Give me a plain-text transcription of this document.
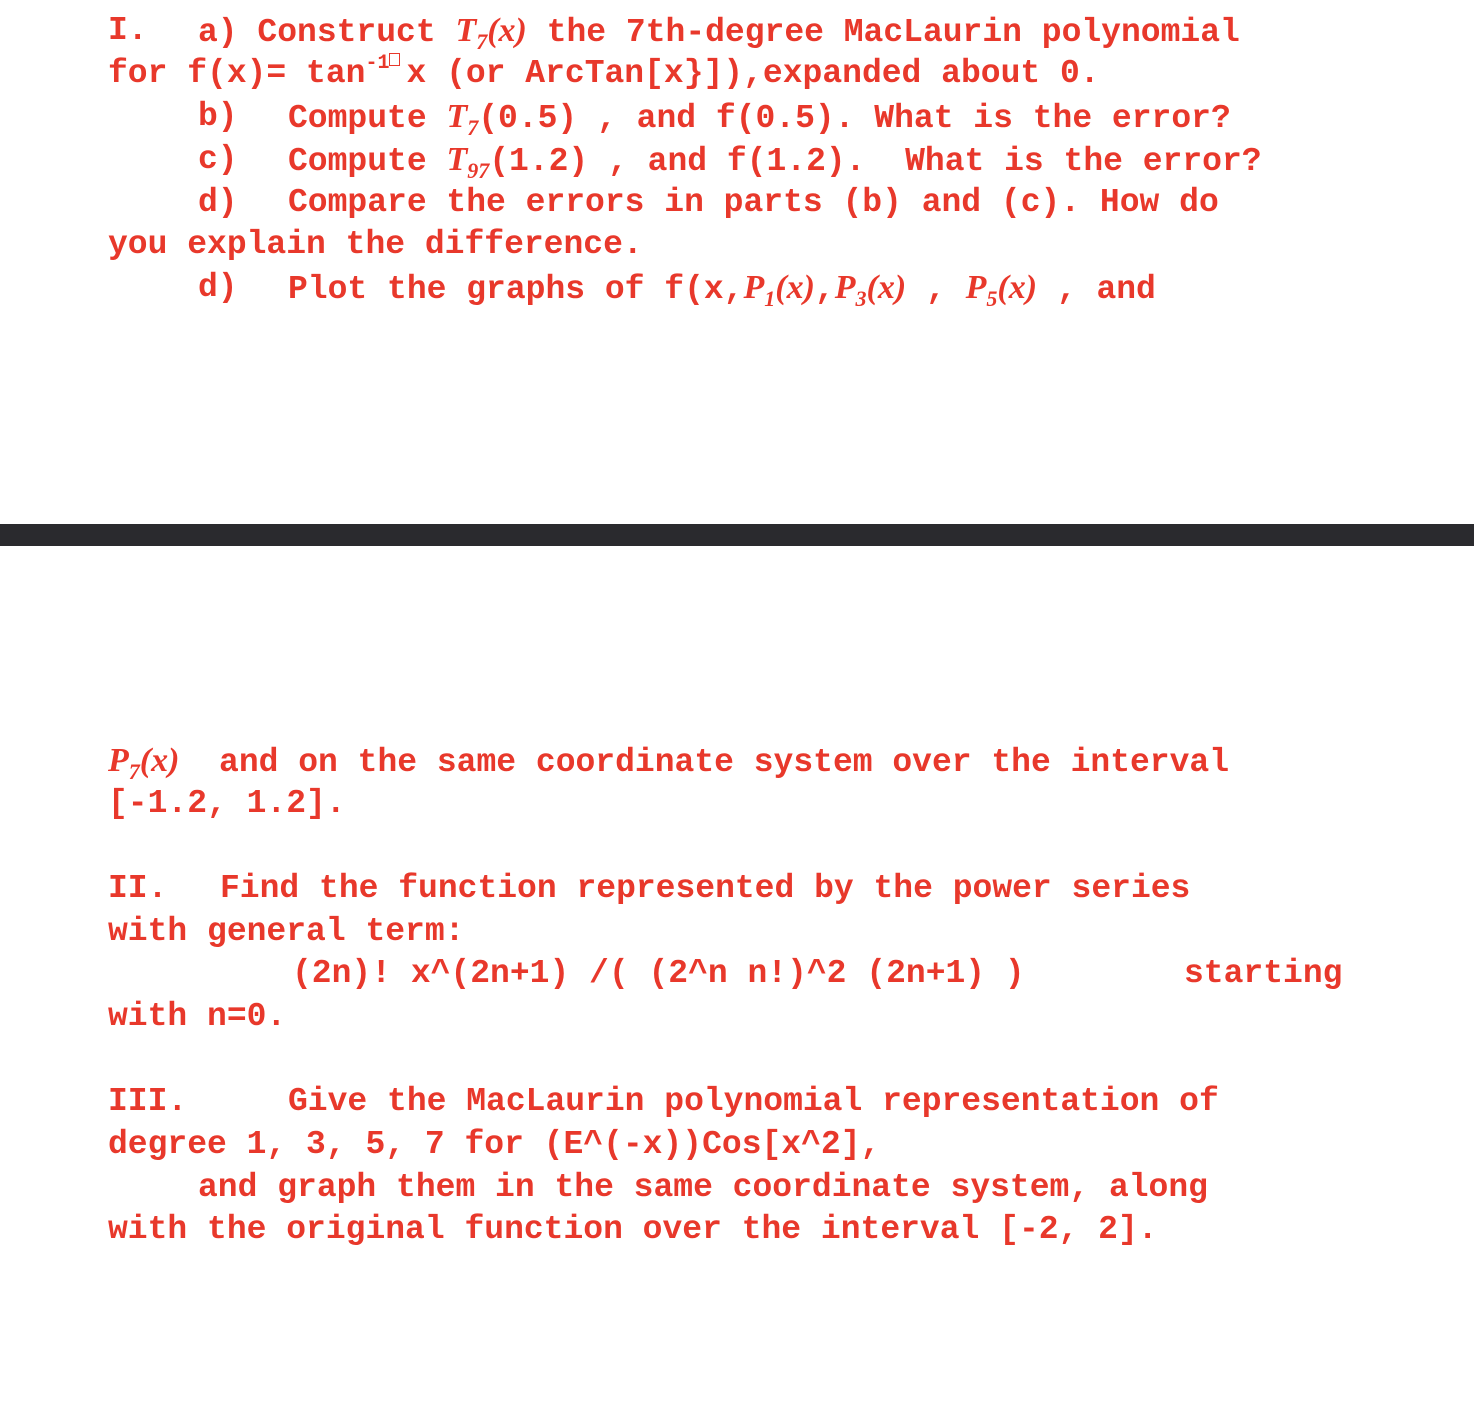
I. a) Construct $T_7(x)$ the 7th-degree MacLaurin polynomial
for $f(x)= \tan^{-1} x$ (or ArcTan[x}]),expanded about 0.
b) Compute $T_7(0.5)$ , and f(0.5). What is the error?
c) Compute $T_{97}(1.2)$ , and f(1.2).  What is the error?
d) Compare the errors in parts (b) and (c). How do
you explain the difference.
d) Plot the graphs of $f(x,P_1(x),P_3(x)$ , $P_5(x)$ , and
$P_7(x)$  and on the same coordinate system over the interval
[-1.2, 1.2].
II. Find the function represented by the power series
with general term:
(2n)! x^(2n+1) /( (2^n n!)^2 (2n+1) )	starting
with n=0.
III.	Give the MacLaurin polynomial representation of
degree 1, 3, 5, 7 for (E^(-x))Cos[x^2],
and graph them in the same coordinate system, along
with the original function over the interval [-2, 2].
